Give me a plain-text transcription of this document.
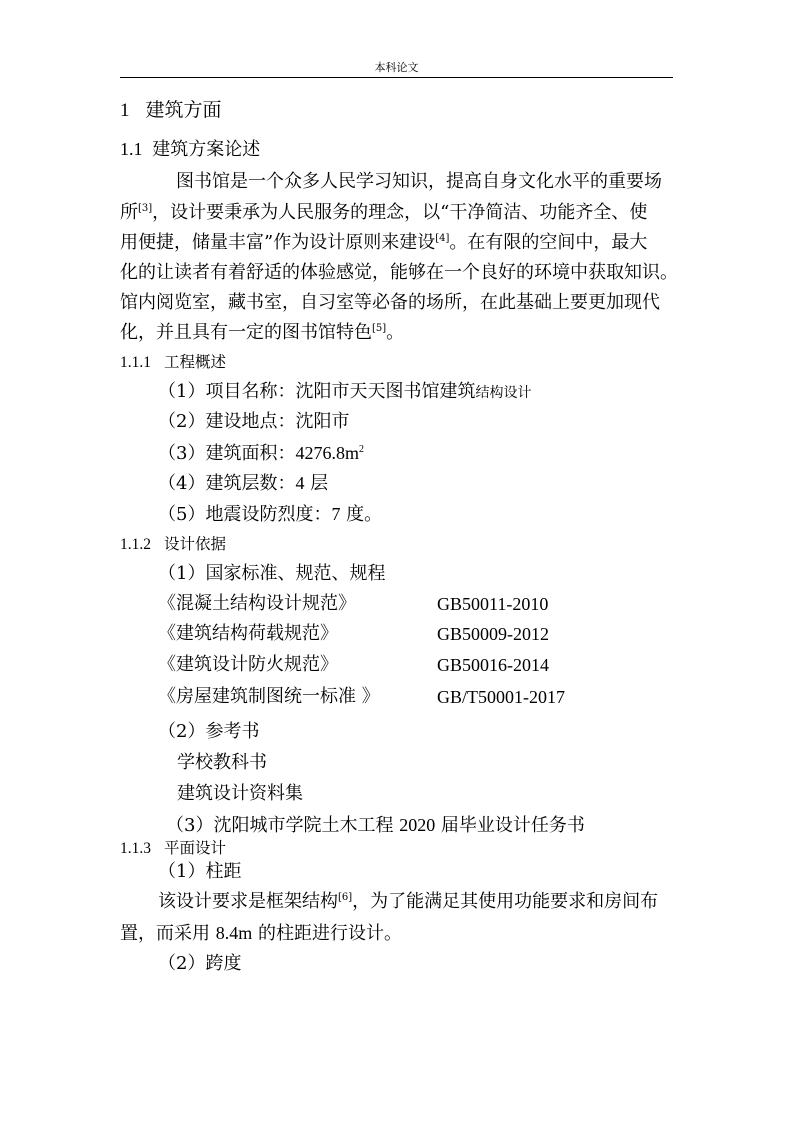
本科论文
1 建筑方面
1.1 建筑方案论述
图书馆是一个众多人民学习知识，提高自身文化水平的重要场
所[3]，设计要秉承为人民服务的理念，以“干净简洁、功能齐全、使
用便捷，储量丰富”作为设计原则来建设[4]。在有限的空间中，最大
化的让读者有着舒适的体验感觉，能够在一个良好的环境中获取知识。
馆内阅览室，藏书室，自习室等必备的场所，在此基础上要更加现代
化，并且具有一定的图书馆特色[5]。
1.1.1 工程概述
（1）项目名称：沈阳市天天图书馆建筑结构设计
（2）建设地点：沈阳市
（3）建筑面积：$4276.8m^2$
（4）建筑层数：4 层
（5）地震设防烈度：7 度。
1.1.2 设计依据
（1）国家标准、规范、规程
《混凝土结构设计规范》	GB50011-2010
《建筑结构荷载规范》	GB50009-2012
《建筑设计防火规范》	GB50016-2014
《房屋建筑制图统一标准 》	GB/T50001-2017
（2）参考书
学校教科书
建筑设计资料集
（3）沈阳城市学院土木工程 2020 届毕业设计任务书
1.1.3 平面设计
（1）柱距
该设计要求是框架结构[6]，为了能满足其使用功能要求和房间布
置，而采用 8.4m 的柱距进行设计。
（2）跨度
